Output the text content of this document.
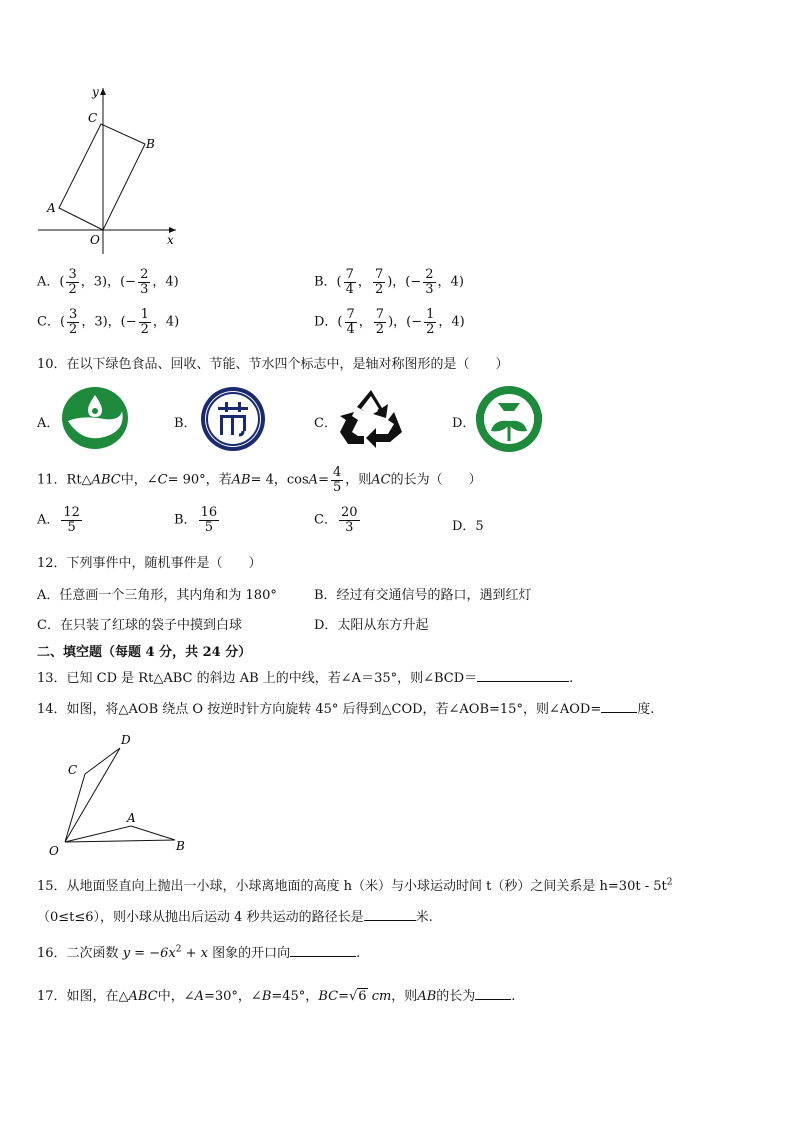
y
x
O
A
B
C
A．( $\frac{3}{2}$ ，3)，(− $\frac{2}{3}$ ，4)	B．( $\frac{7}{4}$ ， $\frac{7}{2}$ )，(− $\frac{2}{3}$ ，4)
C．( $\frac{3}{2}$ ，3)，(− $\frac{1}{2}$ ，4)	D．( $\frac{7}{4}$ ， $\frac{7}{2}$ )，(− $\frac{1}{2}$ ，4)
10．在以下绿色食品、回收、节能、节水四个标志中，是轴对称图形的是（　　）
A．	B．	C．	D．
11．Rt△ABC中，∠C= 90°，若AB= 4，$\cos A= \frac{4}{5}$ ，则AC的长为（　　）
A． $\frac{12}{5}$	B． $\frac{16}{5}$	C． $\frac{20}{3}$	D．5
12．下列事件中，随机事件是（　　）
A．任意画一个三角形，其内角和为 180°	B．经过有交通信号的路口，遇到红灯
C．在只装了红球的袋子中摸到白球	D．太阳从东方升起
二、填空题（每题 4 分，共 24 分）
13．已知 CD 是 Rt△ABC 的斜边 AB 上的中线，若∠A＝35°，则∠BCD＝	.
14．如图，将△AOB 绕点 O 按逆时针方向旋转 45° 后得到△COD，若∠AOB=15°，则∠AOD=	度.
O
A
B
C
D
15．从地面竖直向上抛出一小球，小球离地面的高度 h（米）与小球运动时间 t（秒）之间关系是 $h=30t - 5t^2$
（0≤t≤6），则小球从抛出后运动 4 秒共运动的路径长是	米.
16．二次函数 $y = -6x^2 + x$ 图象的开口向	.
17．如图，在△ABC中，∠A=30°，∠B=45°，BC=√6 cm，则AB的长为	.
